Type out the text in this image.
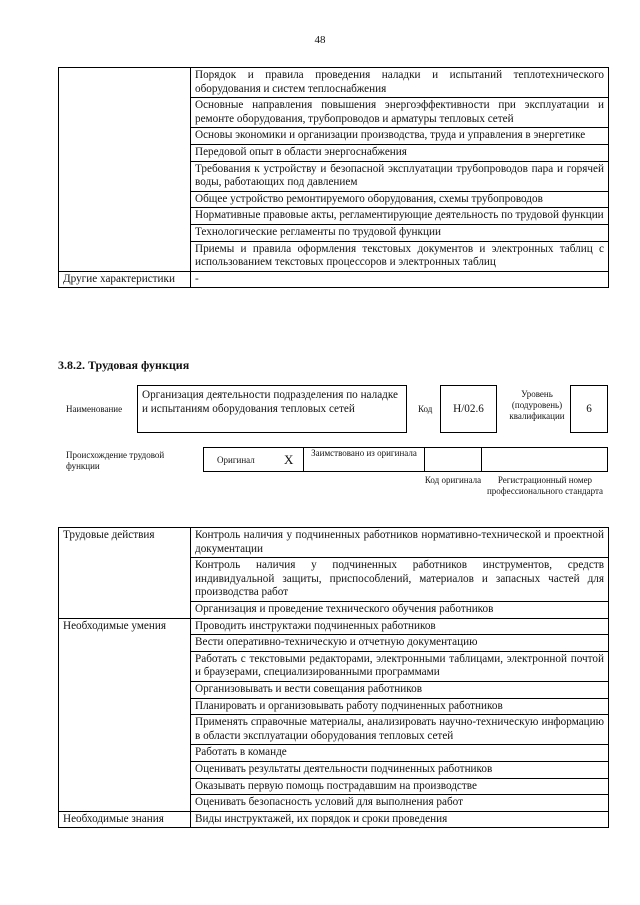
48
	Порядок и правила проведения наладки и испытаний теплотехнического оборудования и систем теплоснабжения
	Основные направления повышения энергоэффективности при эксплуатации и ремонте оборудования, трубопроводов и арматуры тепловых сетей
	Основы экономики и организации производства, труда и управления в энергетике
	Передовой опыт в области энергоснабжения
	Требования к устройству и безопасной эксплуатации трубопроводов пара и горячей воды, работающих под давлением
	Общее устройство ремонтируемого оборудования, схемы трубопроводов
	Нормативные правовые акты, регламентирующие деятельность по трудовой функции
	Технологические регламенты по трудовой функции
	Приемы и правила оформления текстовых документов и электронных таблиц с использованием текстовых процессоров и электронных таблиц
Другие характеристики	-
3.8.2. Трудовая функция
Наименование
Организация деятельности подразделения по наладке и испытаниям оборудования тепловых сетей	Код	Н/02.6
Уровень (подуровень) квалификации
6
Происхождение трудовой функции
Оригинал X	Заимствовано из оригинала
Код оригинала	Регистрационный номер профессионального стандарта
Трудовые действия	Контроль наличия у подчиненных работников нормативно-технической и проектной документации
	Контроль наличия у подчиненных работников инструментов, средств индивидуальной защиты, приспособлений, материалов и запасных частей для производства работ
	Организация и проведение технического обучения работников
Необходимые умения	Проводить инструктажи подчиненных работников
	Вести оперативно-техническую и отчетную документацию
	Работать с текстовыми редакторами, электронными таблицами, электронной почтой и браузерами, специализированными программами
	Организовывать и вести совещания работников
	Планировать и организовывать работу подчиненных работников
	Применять справочные материалы, анализировать научно-техническую информацию в области эксплуатации оборудования тепловых сетей
	Работать в команде
	Оценивать результаты деятельности подчиненных работников
	Оказывать первую помощь пострадавшим на производстве
	Оценивать безопасность условий для выполнения работ
Необходимые знания	Виды инструктажей, их порядок и сроки проведения
